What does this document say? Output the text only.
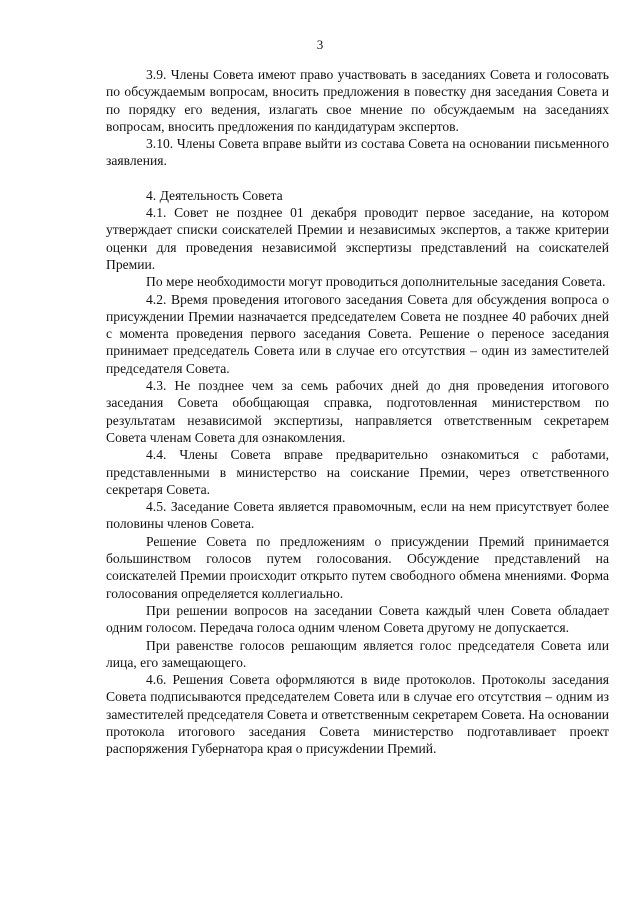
3

3.9. Члены Совета имеют право участвовать в заседаниях Совета и голосовать по обсуждаемым вопросам, вносить предложения в повестку дня заседания Совета и по порядку его ведения, излагать свое мнение по обсуждаемым на заседаниях вопросам, вносить предложения по кандидатурам экспертов.

3.10. Члены Совета вправе выйти из состава Совета на основании письменного заявления.

4. Деятельность Совета

4.1. Совет не позднее 01 декабря проводит первое заседание, на котором утверждает списки соискателей Премии и независимых экспертов, а также критерии оценки для проведения независимой экспертизы представлений на соискателей Премии.

По мере необходимости могут проводиться дополнительные заседания Совета.

4.2. Время проведения итогового заседания Совета для обсуждения вопроса о присуждении Премии назначается председателем Совета не позднее 40 рабочих дней с момента проведения первого заседания Совета. Решение о переносе заседания принимает председатель Совета или в случае его отсутствия – один из заместителей председателя Совета.

4.3. Не позднее чем за семь рабочих дней до дня проведения итогового заседания Совета обобщающая справка, подготовленная министерством по результатам независимой экспертизы, направляется ответственным секретарем Совета членам Совета для ознакомления.

4.4. Члены Совета вправе предварительно ознакомиться с работами, представленными в министерство на соискание Премии, через ответственного секретаря Совета.

4.5. Заседание Совета является правомочным, если на нем присутствует более половины членов Совета.

Решение Совета по предложениям о присуждении Премий принимается большинством голосов путем голосования. Обсуждение представлений на соискателей Премии происходит открыто путем свободного обмена мнениями. Форма голосования определяется коллегиально.

При решении вопросов на заседании Совета каждый член Совета обладает одним голосом. Передача голоса одним членом Совета другому не допускается.

При равенстве голосов решающим является голос председателя Совета или лица, его замещающего.

4.6. Решения Совета оформляются в виде протоколов. Протоколы заседания Совета подписываются председателем Совета или в случае его отсутствия – одним из заместителей председателя Совета и ответственным секретарем Совета. На основании протокола итогового заседания Совета министерство подготавливает проект распоряжения Губернатора края о присужdении Премий.
